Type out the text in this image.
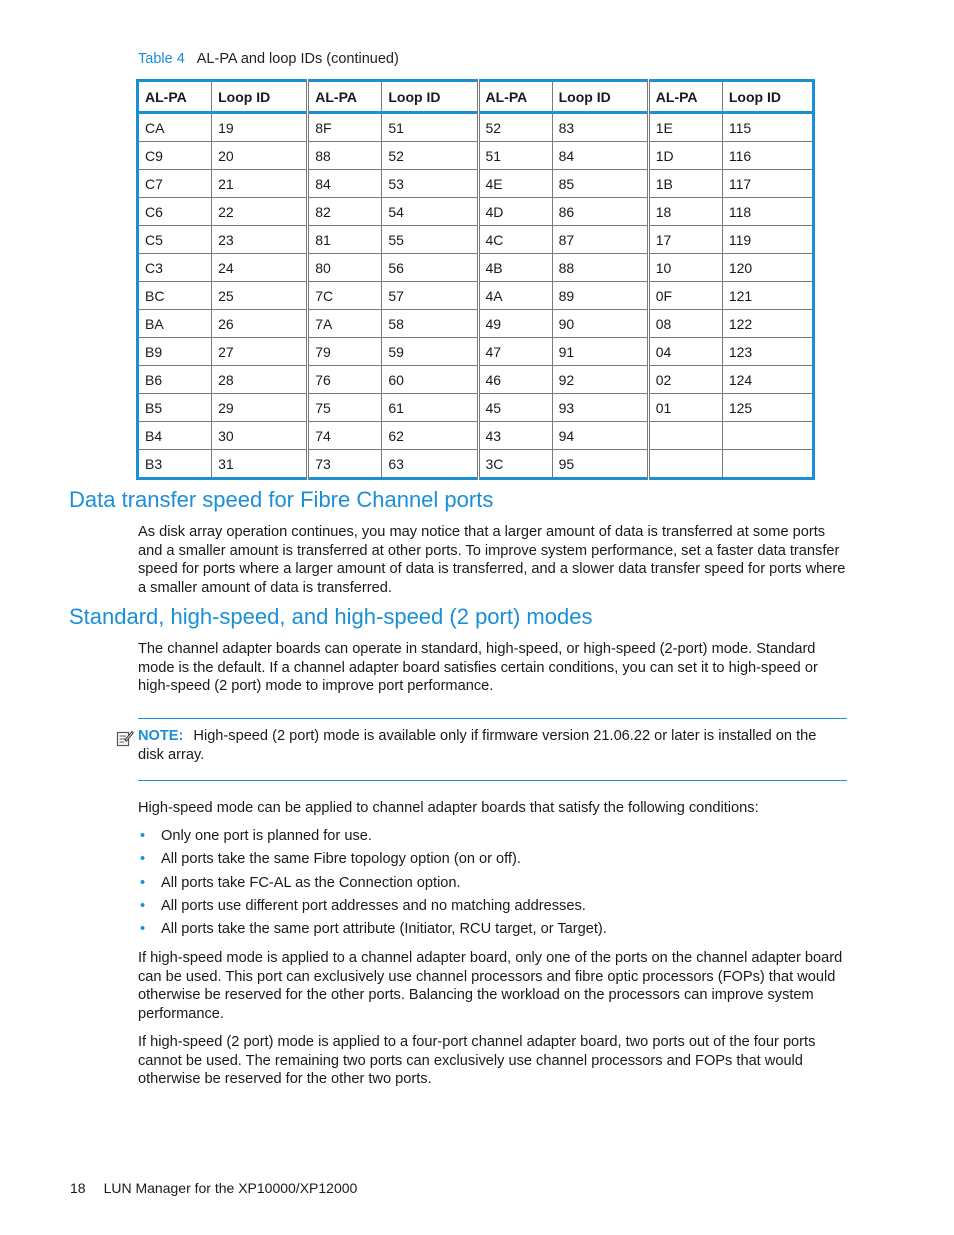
Table 4 AL-PA and loop IDs (continued)
AL-PA	Loop ID	AL-PA	Loop ID	AL-PA	Loop ID	AL-PA	Loop ID
CA	19	8F	51	52	83	1E	115
C9	20	88	52	51	84	1D	116
C7	21	84	53	4E	85	1B	117
C6	22	82	54	4D	86	18	118
C5	23	81	55	4C	87	17	119
C3	24	80	56	4B	88	10	120
BC	25	7C	57	4A	89	0F	121
BA	26	7A	58	49	90	08	122
B9	27	79	59	47	91	04	123
B6	28	76	60	46	92	02	124
B5	29	75	61	45	93	01	125
B4	30	74	62	43	94		
B3	31	73	63	3C	95		
Data transfer speed for Fibre Channel ports

As disk array operation continues, you may notice that a larger amount of data is transferred at some ports and a smaller amount is transferred at other ports. To improve system performance, set a faster data transfer speed for ports where a larger amount of data is transferred, and a slower data transfer speed for ports where a smaller amount of data is transferred.

Standard, high-speed, and high-speed (2 port) modes

The channel adapter boards can operate in standard, high-speed, or high-speed (2-port) mode. Standard mode is the default. If a channel adapter board satisfies certain conditions, you can set it to high-speed or high-speed (2 port) mode to improve port performance.

NOTE: High-speed (2 port) mode is available only if firmware version 21.06.22 or later is installed on the disk array.

High-speed mode can be applied to channel adapter boards that satisfy the following conditions:

• Only one port is planned for use.
• All ports take the same Fibre topology option (on or off).
• All ports take FC-AL as the Connection option.
• All ports use different port addresses and no matching addresses.
• All ports take the same port attribute (Initiator, RCU target, or Target).

If high-speed mode is applied to a channel adapter board, only one of the ports on the channel adapter board can be used. This port can exclusively use channel processors and fibre optic processors (FOPs) that would otherwise be reserved for the other ports. Balancing the workload on the processors can improve system performance.

If high-speed (2 port) mode is applied to a four-port channel adapter board, two ports out of the four ports cannot be used. The remaining two ports can exclusively use channel processors and FOPs that would otherwise be reserved for the other two ports.

18 LUN Manager for the XP10000/XP12000
